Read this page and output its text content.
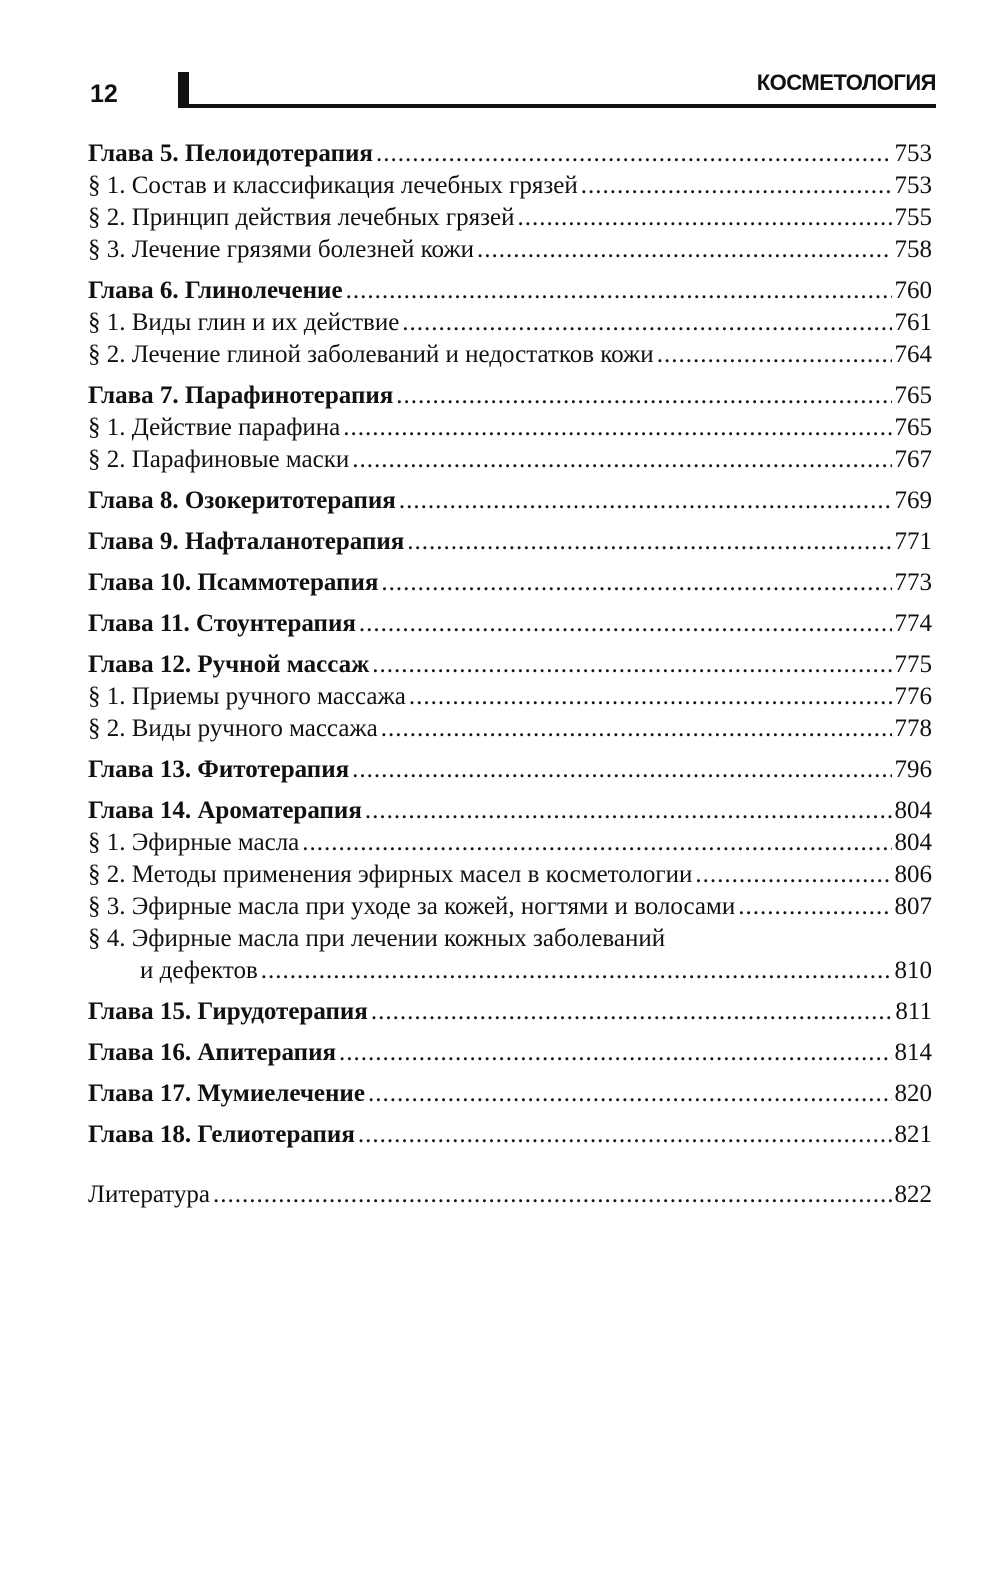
12	КОСМЕТОЛОГИЯ
Глава 5. Пелоидотерапия .....	753
§ 1. Состав и классификация лечебных грязей .....	753
§ 2. Принцип действия лечебных грязей .....	755
§ 3. Лечение грязями болезней кожи .....	758
Глава 6. Глинолечение .....	760
§ 1. Виды глин и их действие .....	761
§ 2. Лечение глиной заболеваний и недостатков кожи .....	764
Глава 7. Парафинотерапия .....	765
§ 1. Действие парафина .....	765
§ 2. Парафиновые маски .....	767
Глава 8. Озокеритотерапия .....	769
Глава 9. Нафталанотерапия .....	771
Глава 10. Псаммотерапия .....	773
Глава 11. Стоунтерапия .....	774
Глава 12. Ручной массаж .....	775
§ 1. Приемы ручного массажа .....	776
§ 2. Виды ручного массажа .....	778
Глава 13. Фитотерапия .....	796
Глава 14. Ароматерапия .....	804
§ 1. Эфирные масла .....	804
§ 2. Методы применения эфирных масел в косметологии .....	806
§ 3. Эфирные масла при уходе за кожей, ногтями и волосами .....	807
§ 4. Эфирные масла при лечении кожных заболеваний
и дефектов .....	810
Глава 15. Гирудотерапия .....	811
Глава 16. Апитерапия .....	814
Глава 17. Мумиелечение .....	820
Глава 18. Гелиотерапия .....	821
Литература .....	822
